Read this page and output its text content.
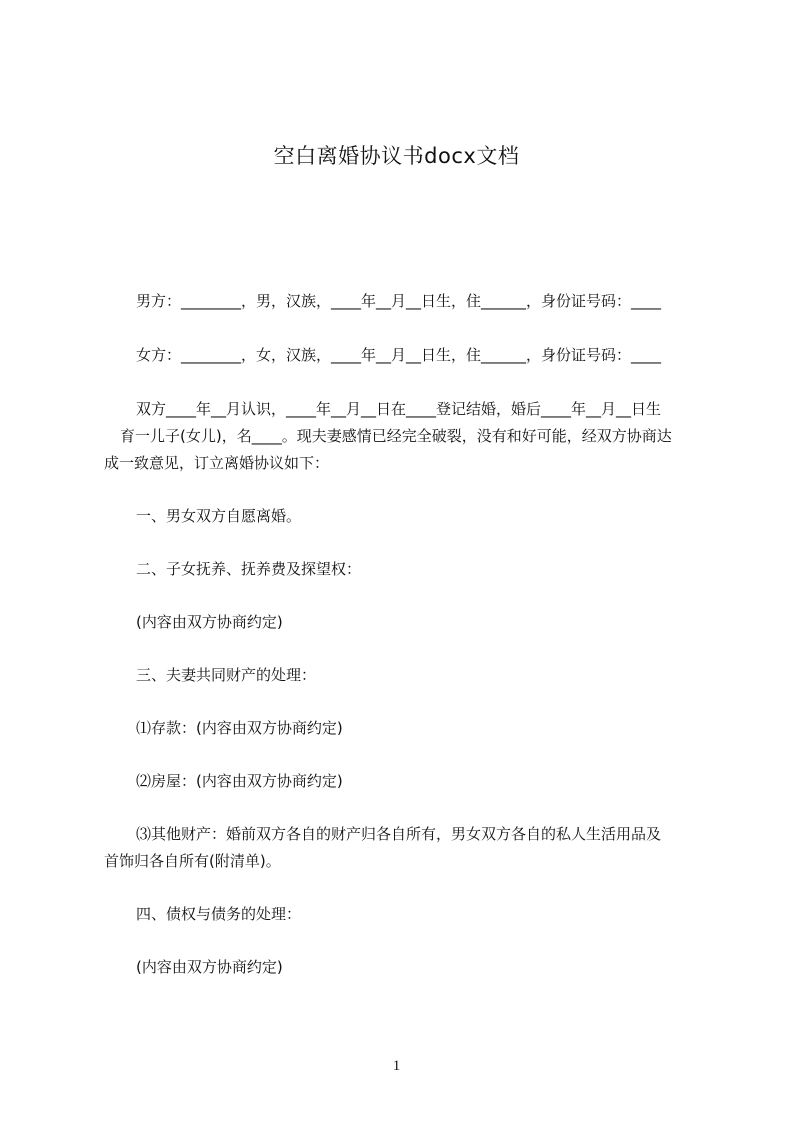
空白离婚协议书docx文档
男方：________，男，汉族，____年__月__日生，住______，身份证号码：____
女方：________，女，汉族，____年__月__日生，住______，身份证号码：____
双方____年__月认识，____年__月__日在____登记结婚，婚后____年__月__日生
育一儿子(女儿)，名____。现夫妻感情已经完全破裂，没有和好可能，经双方协商达
成一致意见，订立离婚协议如下：
一、男女双方自愿离婚。
二、子女抚养、抚养费及探望权：
(内容由双方协商约定)
三、夫妻共同财产的处理：
⑴存款：(内容由双方协商约定)
⑵房屋：(内容由双方协商约定)
⑶其他财产：婚前双方各自的财产归各自所有，男女双方各自的私人生活用品及
首饰归各自所有(附清单)。
四、债权与债务的处理：
(内容由双方协商约定)
1
